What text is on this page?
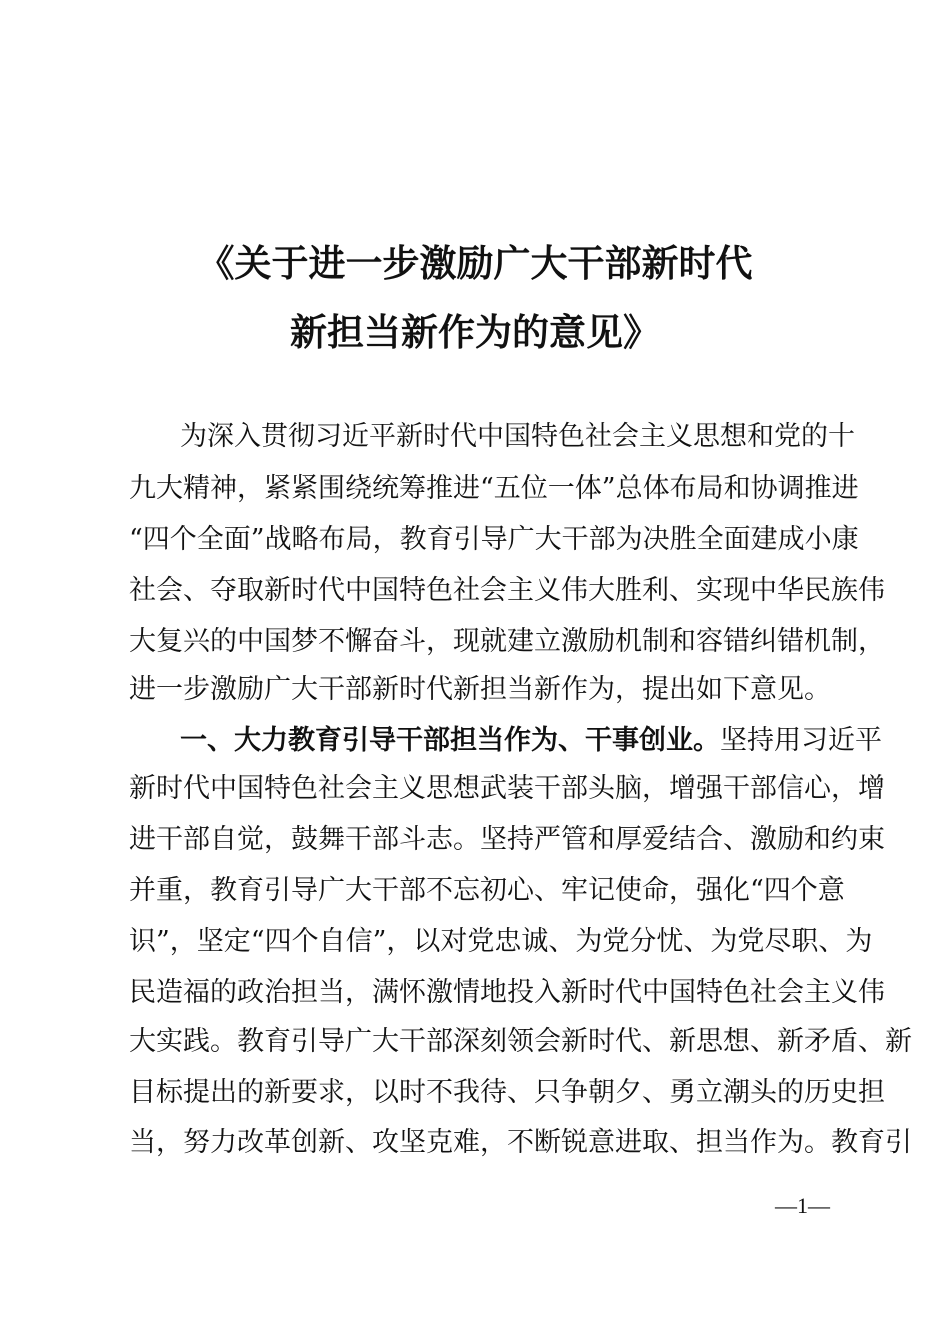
《关于进一步激励广大干部新时代
新担当新作为的意见》
为深入贯彻习近平新时代中国特色社会主义思想和党的十
九大精神，紧紧围绕统筹推进“五位一体”总体布局和协调推进
“四个全面”战略布局，教育引导广大干部为决胜全面建成小康
社会、夺取新时代中国特色社会主义伟大胜利、实现中华民族伟
大复兴的中国梦不懈奋斗，现就建立激励机制和容错纠错机制，
进一步激励广大干部新时代新担当新作为，提出如下意见。
一、大力教育引导干部担当作为、干事创业。坚持用习近平
新时代中国特色社会主义思想武装干部头脑，增强干部信心，增
进干部自觉，鼓舞干部斗志。坚持严管和厚爱结合、激励和约束
并重，教育引导广大干部不忘初心、牢记使命，强化“四个意
识”，坚定“四个自信”，以对党忠诚、为党分忧、为党尽职、为
民造福的政治担当，满怀激情地投入新时代中国特色社会主义伟
大实践。教育引导广大干部深刻领会新时代、新思想、新矛盾、新
目标提出的新要求，以时不我待、只争朝夕、勇立潮头的历史担
当，努力改革创新、攻坚克难，不断锐意进取、担当作为。教育引
—1—
